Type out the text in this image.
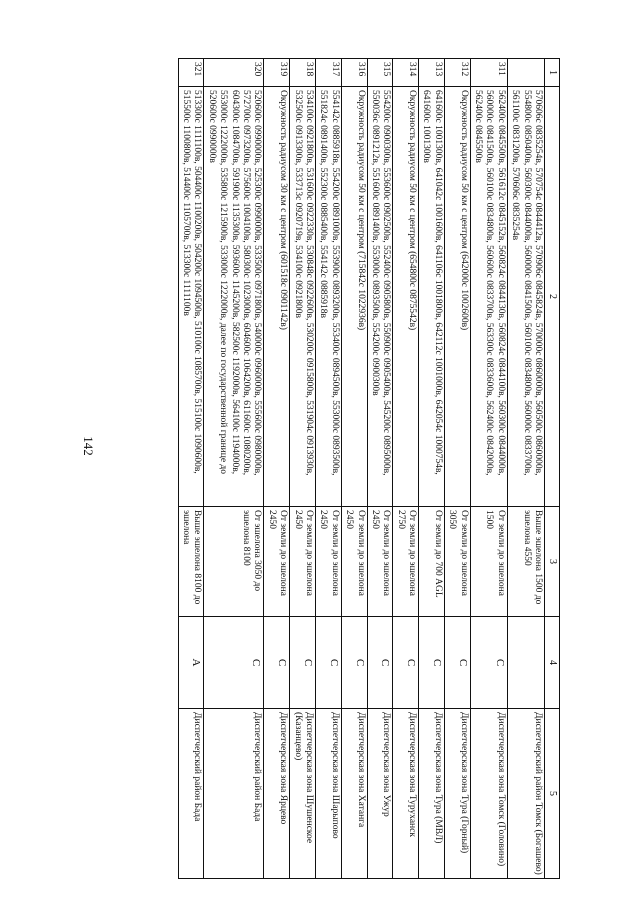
142
1	2	3	4	5
	570606с 0835254в, 570754с 0844412в, 570906с 0845824в, 570000с 0860000в, 560500с 0860000в, 554800с 0850400в, 560300с 0844000в, 560000с 0841500в, 560100с 0834800в, 560000с 0833700в, 561100с 0831200в, 570606с 0835254в	Выше эшелона 1500 до эшелона 4550		Диспетчерский район Томск (Богашево)
311	562400с 0845500в, 561612с 0845152в, 560824с 0844130в, 560824с 0844100в, 560300с 0844000в, 560000с 0841500в, 560100с 0834800в, 560600с 0833700в, 563300с 0833600в, 562400с 0842000в, 562400с 0845500в	От земли до эшелона 1500	С	Диспетчерская зона Томск (Головино)
312	Окружность радиусом 50 км с центром (642000с 1002600в)	От земли до эшелона 3050	С	Диспетчерская зона Тура (Горный)
313	641600с 1001300в, 641042с 1001600в, 641106с 1001800в, 642112с 1001000в, 642054с 1000754в, 641600с 1001300в	От земли до 700 AGL	С	Диспетчерская зона Тура (МВЛ)
314	Окружность радиусом 50 км с центром (654800с 0875542в)	От земли до эшелона 2750	С	Диспетчерская зона Туруханск
315	554200с 0900300в, 553600с 0902500в, 552400с 0905800в, 550900с 0905400в, 545200с 0895000в, 550036с 0891212в, 551600с 0891400в, 553000с 0893500в, 554200с 0900300в	От земли до эшелона 2450	С	Диспетчерская зона Ужур
316	Окружность радиусом 50 км с центром (715842с 1022936в)	От земли до эшелона 2450	С	Диспетчерская зона Хатанга
317	554142с 0885918в, 554200с 0891000в, 553900с 0893200в, 553400с 0894500в, 553000с 0893500в, 551824с 0891400в, 552300с 0885400в, 554142с 0885918в	От земли до эшелона 2450	С	Диспетчерская зона Шарыпово
318	534100с 0921800в, 531600с 0922330в, 530848с 0922600в, 530200с 0915800в, 531904с 0913930в, 532500с 0913300в, 533713с 0920719в, 534100с 0921800в	От земли до эшелона 2450	С	Диспетчерская зона Шушенское (Казанцево)
319	Окружность радиусом 30 км с центром (601518с 0901142в)	От земли до эшелона 2450	С	Диспетчерская зона Ярцево
320	520600с 0990000в, 525300с 0990000в, 533500с 0971800в, 540000с 0960000в, 555600с 0980000в, 572700с 0973200в, 575600с 1004100в, 580300с 1023000в, 604600с 1064200в, 611600с 1080200в, 604300с 1084700в, 591900с 1135300в, 593600с 1145200в, 582500с 1192000в, 564100с 1194000в, 553000с 1222000в, 535800с 1215900в, 533000с 1222000в, далее по государственной границе до 520600с 0990000в	От эшелона 3050 до эшелона 8100	С	Диспетчерский район Бада
321	513300с 1111100в, 504400с 1100200в, 504200с 1094500в, 510100с 1085700в, 515100с 1090600в, 515500с 1100800в, 514400с 1105700в, 513300с 1111100в	Выше эшелона 8100 до эшелона	А	Диспетчерский район Бада
